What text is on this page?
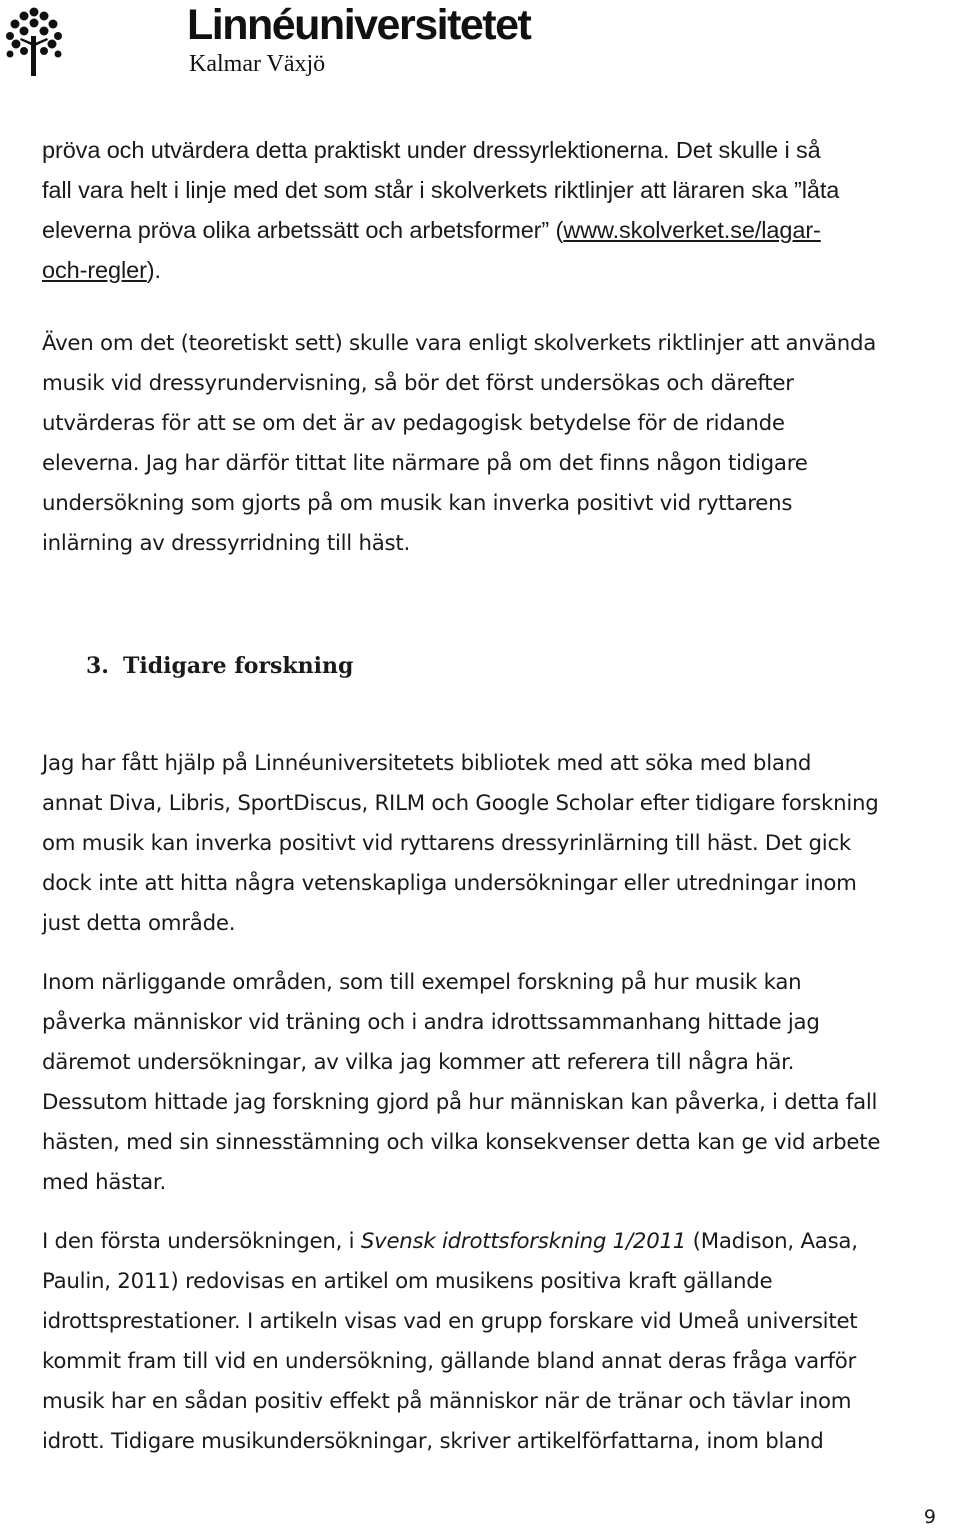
Linnéuniversitetet
Kalmar Växjö

pröva och utvärdera detta praktiskt under dressyrlektionerna. Det skulle i så
fall vara helt i linje med det som står i skolverkets riktlinjer att läraren ska ”låta
eleverna pröva olika arbetssätt och arbetsformer” (www.skolverket.se/lagar-
och-regler).

Även om det (teoretiskt sett) skulle vara enligt skolverkets riktlinjer att använda
musik vid dressyrundervisning, så bör det först undersökas och därefter
utvärderas för att se om det är av pedagogisk betydelse för de ridande
eleverna. Jag har därför tittat lite närmare på om det finns någon tidigare
undersökning som gjorts på om musik kan inverka positivt vid ryttarens
inlärning av dressyrridning till häst.

3. Tidigare forskning

Jag har fått hjälp på Linnéuniversitetets bibliotek med att söka med bland
annat Diva, Libris, SportDiscus, RILM och Google Scholar efter tidigare forskning
om musik kan inverka positivt vid ryttarens dressyrinlärning till häst. Det gick
dock inte att hitta några vetenskapliga undersökningar eller utredningar inom
just detta område.

Inom närliggande områden, som till exempel forskning på hur musik kan
påverka människor vid träning och i andra idrottssammanhang hittade jag
däremot undersökningar, av vilka jag kommer att referera till några här.
Dessutom hittade jag forskning gjord på hur människan kan påverka, i detta fall
hästen, med sin sinnesstämning och vilka konsekvenser detta kan ge vid arbete
med hästar.

I den första undersökningen, i Svensk idrottsforskning 1/2011 (Madison, Aasa,
Paulin, 2011) redovisas en artikel om musikens positiva kraft gällande
idrottsprestationer. I artikeln visas vad en grupp forskare vid Umeå universitet
kommit fram till vid en undersökning, gällande bland annat deras fråga varför
musik har en sådan positiv effekt på människor när de tränar och tävlar inom
idrott. Tidigare musikundersökningar, skriver artikelförfattarna, inom bland

9
